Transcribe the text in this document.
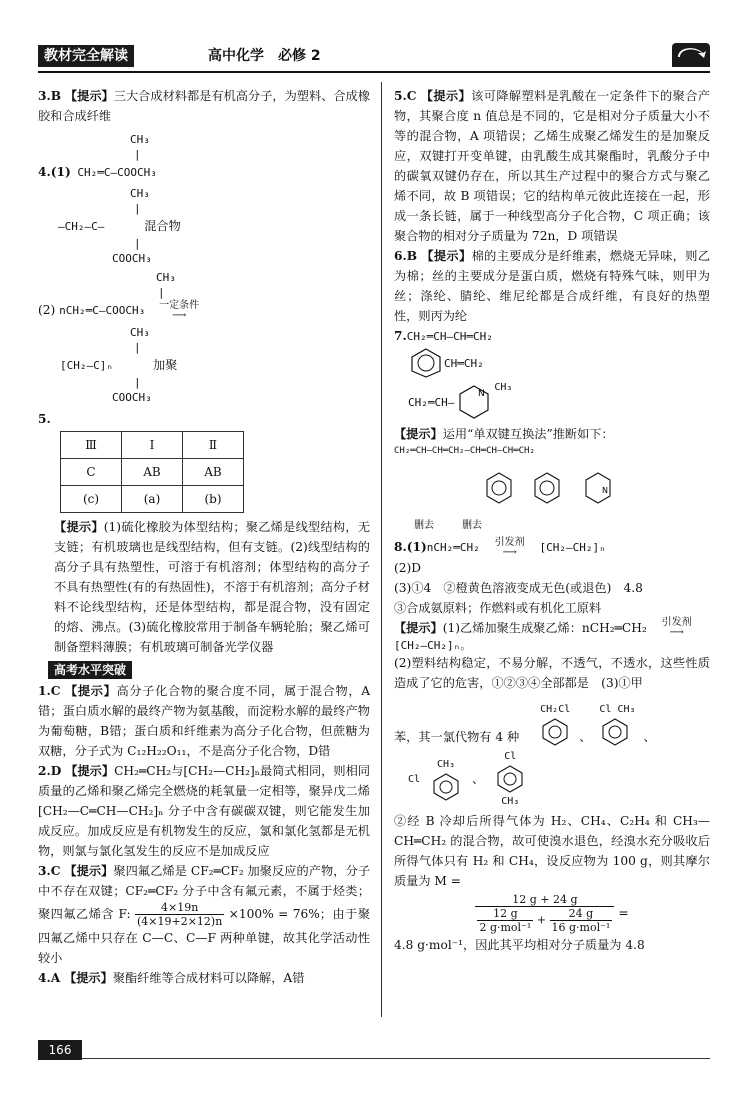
教材完全解读	高中化学　必修 2

3.B 【提示】三大合成材料都是有机高分子，为塑料、合成橡胶和合成纤维

CH₃
|
4.(1) CH₂═C—COOCH₃
CH₃
|
—CH₂—C—   混合物
|
COOCH₃
CH₃
|
(2) nCH₂═C—COOCH₃ 一定条件
⟶
CH₃
|
[CH₂—C]ₙ	加聚
|
COOCH₃
5.
Ⅲ	Ⅰ	Ⅱ
C	AB	AB
(c)	(a)	(b)

【提示】(1)硫化橡胶为体型结构；聚乙烯是线型结构，无支链；有机玻璃也是线型结构，但有支链。(2)线型结构的高分子具有热塑性，可溶于有机溶剂；体型结构的高分子不具有热塑性(有的有热固性)，不溶于有机溶剂；高分子材料不论线型结构，还是体型结构，都是混合物，没有固定的熔、沸点。(3)硫化橡胶常用于制备车辆轮胎；聚乙烯可制备塑料薄膜；有机玻璃可制备光学仪器

高考水平突破

1.C 【提示】高分子化合物的聚合度不同，属于混合物，A错；蛋白质水解的最终产物为氨基酸，而淀粉水解的最终产物为葡萄糖，B错；蛋白质和纤维素为高分子化合物，但蔗糖为双糖，分子式为 C₁₂H₂₂O₁₁，不是高分子化合物，D错

2.D 【提示】CH₂═CH₂与[CH₂—CH₂]ₙ最简式相同，则相同质量的乙烯和聚乙烯完全燃烧的耗氧量一定相等，聚异戊二烯 [CH₂—C═CH—CH₂]ₙ 分子中含有碳碳双键，则它能发生加成反应。加成反应是有机物发生的反应，氯和氯化氢都是无机物，则氯与氯化氢发生的反应不是加成反应

3.C 【提示】聚四氟乙烯是 CF₂═CF₂ 加聚反应的产物，分子中不存在双键；CF₂═CF₂ 分子中含有氟元素，不属于烃类；聚四氟乙烯含 F: $\frac{4\times 19n}{(4\times 19+2\times 12)n} \times 100\% = 76\%$；由于聚四氟乙烯中只存在 C—C、C—F 两种单键，故其化学活动性较小

4.A 【提示】聚酯纤维等合成材料可以降解，A错

5.C 【提示】该可降解塑料是乳酸在一定条件下的聚合产物，其聚合度 n 值总是不同的，它是相对分子质量大小不等的混合物，A 项错误；乙烯生成聚乙烯发生的是加聚反应，双键打开变单键，由乳酸生成其聚酯时，乳酸分子中的碳氧双键仍存在，所以其生产过程中的聚合方式与聚乙烯不同，故 B 项错误；它的结构单元彼此连接在一起，形成一条长链，属于一种线型高分子化合物，C 项正确；该聚合物的相对分子质量为 72n，D 项错误

6.B 【提示】棉的主要成分是纤维素，燃烧无异味，则乙为棉；丝的主要成分是蛋白质，燃烧有特殊气味，则甲为丝；涤纶、腈纶、维尼纶都是合成纤维，有良好的热塑性，则丙为纶

7.CH₂═CH—CH═CH₂
CH═CH₂
CH₂═CH—
N
CH₃

【提示】运用“单双键互换法”推断如下：

CH₂═CH—CH═CH₂—CH═CH—CH═CH₂
N
删去	删去
8.(1)nCH₂═CH₂ 引发剂
⟶ [CH₂—CH₂]ₙ

(2)D

(3)①4　②橙黄色溶液变成无色(或退色)　4.8

③合成氨原料；作燃料或有机化工原料

【提示】(1)乙烯加聚生成聚乙烯：nCH₂═CH₂ 引发剂
⟶

[CH₂—CH₂]ₙ。

(2)塑料结构稳定，不易分解，不透气，不透水，这些性质造成了它的危害，①②③④全部都是　(3)①甲

苯，其一氯代物有 4 种
CH₂Cl
、
Cl CH₃
、
Cl
CH₃
、
Cl
CH₃

②经 B 冷却后所得气体为 H₂、CH₄、C₂H₄ 和 CH₃—CH═CH₂ 的混合物，故可使溴水退色，经溴水充分吸收后所得气体只有 H₂ 和 CH₄，设反应物为 100 g，则其摩尔质量为 M =

$\frac{12 g + 24 g}{\frac{12 g}{\text{2 g·mol⁻¹}} + \frac{24 g}{\text{16 g·mol⁻¹}}}$ =

4.8 g·mol⁻¹，因此其平均相对分子质量为 4.8

166
